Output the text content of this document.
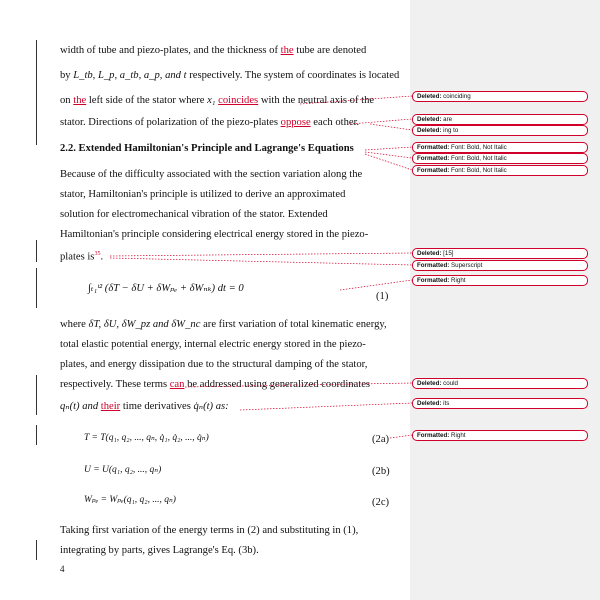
width of tube and piezo-plates, and the thickness of the tube are denoted
by L_tb, L_p, a_tb, a_p, and t respectively. The system of coordinates is located
on the left side of the stator where x₁ coincides with the neutral axis of the
stator. Directions of polarization of the piezo-plates oppose each other.
2.2. Extended Hamiltonian's Principle and Lagrange's Equations
Because of the difficulty associated with the section variation along the
stator, Hamiltonian's principle is utilized to derive an approximated
solution for electromechanical vibration of the stator. Extended
Hamiltonian's principle considering electrical energy stored in the piezo-
plates $is^{35}$.
∫ₜ₁ᵗ² (δT − δU + δWₚₑ + δWₙₖ) dt = 0
(1)
where δT, δU, δW_pz and δW_nc are first variation of total kinematic energy,
total elastic potential energy, internal electric energy stored in the piezo-
plates, and energy dissipation due to the structural damping of the stator,
respectively. These terms can be addressed using generalized coordinates
qₙ(t) and their time derivatives q̇ₙ(t) as:
T = T(q₁, q₂, ..., qₙ, q̇₁, q̇₂, ..., q̇ₙ)	(2a)
U = U(q₁, q₂, ..., qₙ)	(2b)
Wₚₑ = Wₚₑ(q₁, q₂, ..., qₙ)	(2c)
Taking first variation of the energy terms in (2) and substituting in (1),
integrating by parts, gives Lagrange's Eq. (3b).
4
Deleted: coinciding
Deleted: are
Deleted: ing to
Formatted: Font: Bold, Not Italic
Formatted: Font: Bold, Not Italic
Formatted: Font: Bold, Not Italic
Deleted: [15]
Formatted: Superscript
Formatted: Right
Deleted: could
Deleted: its
Formatted: Right
